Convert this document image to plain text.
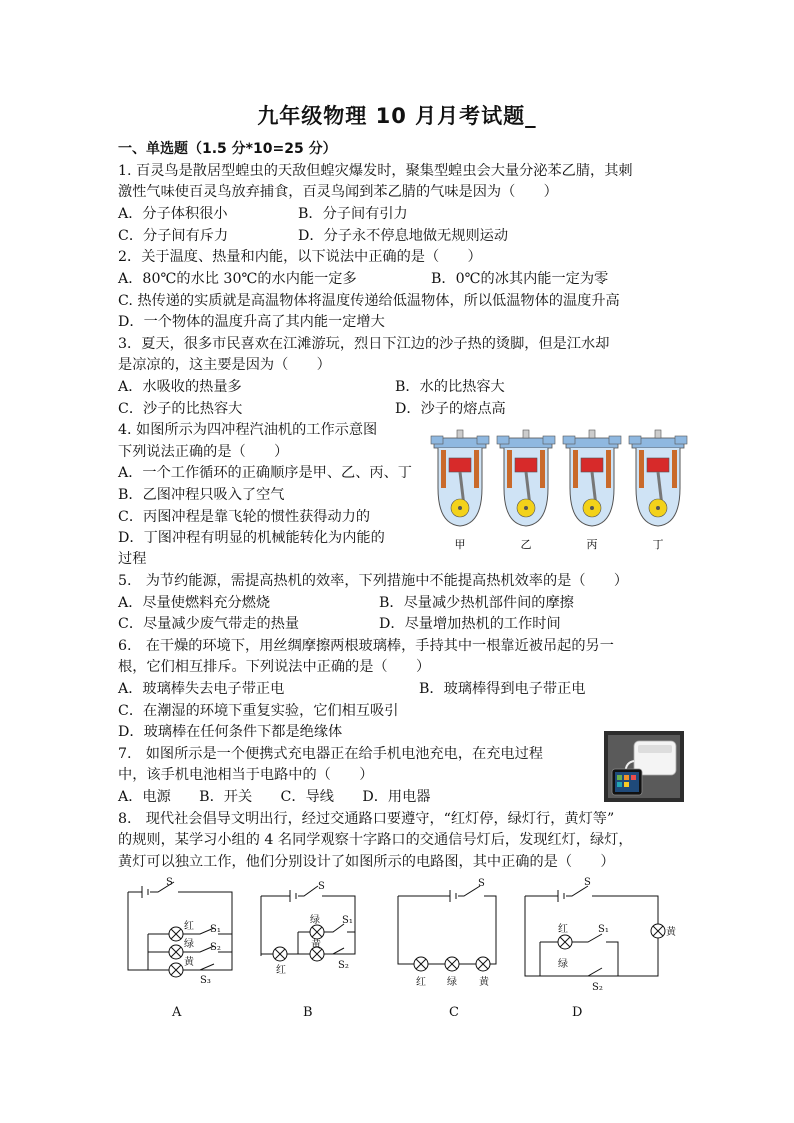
九年级物理 10 月月考试题_
一、单选题（1.5 分*10=25 分）
1. 百灵鸟是散居型蝗虫的天敌但蝗灾爆发时，聚集型蝗虫会大量分泌苯乙腈，其刺
激性气味使百灵鸟放弃捕食，百灵鸟闻到苯乙腈的气味是因为（　　）
A．分子体积很小	B．分子间有引力
C．分子间有斥力	D．分子永不停息地做无规则运动
2．关于温度、热量和内能，以下说法中正确的是（　　）
A．80℃的水比 30℃的水内能一定多	B．0℃的冰其内能一定为零
C. 热传递的实质就是高温物体将温度传递给低温物体，所以低温物体的温度升高
D．一个物体的温度升高了其内能一定增大
3．夏天，很多市民喜欢在江滩游玩，烈日下江边的沙子热的烫脚，但是江水却
是凉凉的，这主要是因为（　　）
A．水吸收的热量多	B．水的比热容大
C．沙子的比热容大	D．沙子的熔点高
4. 如图所示为四冲程汽油机的工作示意图
下列说法正确的是（　　）
A．一个工作循环的正确顺序是甲、乙、丙、丁
B．乙图冲程只吸入了空气
C．丙图冲程是靠飞轮的惯性获得动力的
D．丁图冲程有明显的机械能转化为内能的
过程
甲	乙	丙	丁
5.　为节约能源，需提高热机的效率，下列措施中不能提高热机效率的是（　　）
A．尽量使燃料充分燃烧	B．尽量减少热机部件间的摩擦
C．尽量减少废气带走的热量	D．尽量增加热机的工作时间
6.　在干燥的环境下，用丝绸摩擦两根玻璃棒，手持其中一根靠近被吊起的另一
根，它们相互排斥。下列说法中正确的是（　　）
A．玻璃棒失去电子带正电	B．玻璃棒得到电子带正电
C．在潮湿的环境下重复实验，它们相互吸引
D．玻璃棒在任何条件下都是绝缘体
7.　如图所示是一个便携式充电器正在给手机电池充电，在充电过程
中，该手机电池相当于电路中的（　　）
A．电源　　B．开关　　C．导线　　D．用电器
8.　现代社会倡导文明出行，经过交通路口要遵守，“红灯停，绿灯行，黄灯等”
的规则，某学习小组的 4 名同学观察十字路口的交通信号灯后，发现红灯，绿灯，
黄灯可以独立工作，他们分别设计了如图所示的电路图，其中正确的是（　　）
S
红
绿
黄
S₁
S₂
S₃
A
S
绿
黄
红
S₁
S₂
B
S
红 绿 黄
C
S
红
绿
黄
S₁
S₂
D
